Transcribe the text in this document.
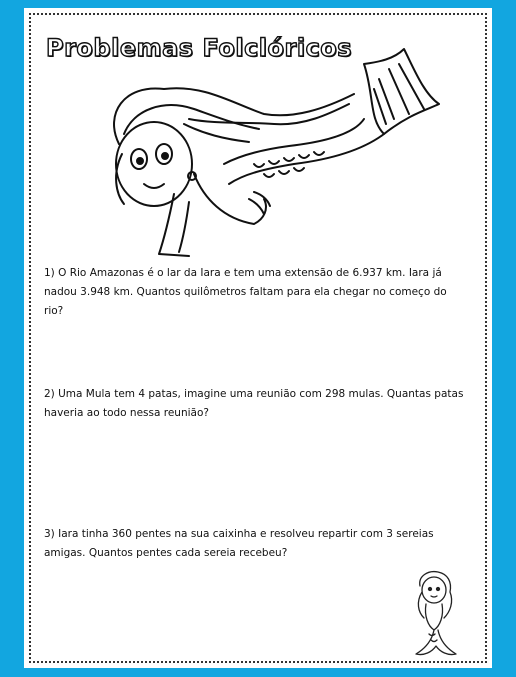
Problemas Folclóricos
1) O Rio Amazonas é o lar da Iara e tem uma extensão de 6.937 km. Iara já nadou 3.948 km. Quantos quilômetros faltam para ela chegar no começo do rio?
2) Uma Mula tem 4 patas, imagine uma reunião com 298 mulas. Quantas patas haveria ao todo nessa reunião?
3) Iara tinha 360 pentes na sua caixinha e resolveu repartir com 3 sereias amigas. Quantos pentes cada sereia recebeu?
